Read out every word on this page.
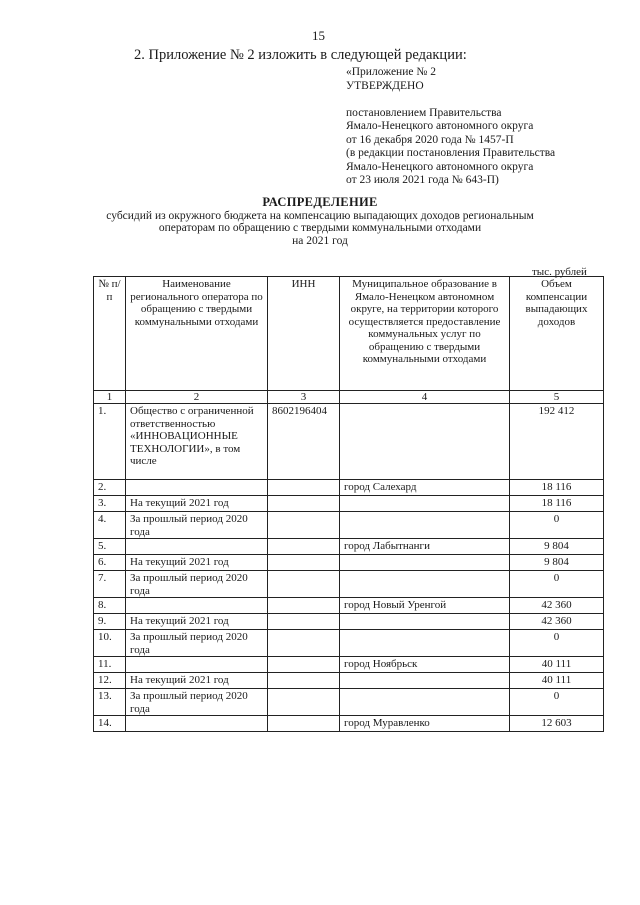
15
2. Приложение № 2 изложить в следующей редакции:
«Приложение № 2
УТВЕРЖДЕНО
постановлением Правительства
Ямало-Ненецкого автономного округа
от 16 декабря 2020 года № 1457-П
(в редакции постановления Правительства
Ямало-Ненецкого автономного округа
от 23 июля 2021 года № 643-П)
РАСПРЕДЕЛЕНИЕ
субсидий из окружного бюджета на компенсацию выпадающих доходов региональным
операторам по обращению с твердыми коммунальными отходами
на 2021 год
тыс. рублей
№ п/п	Наименование регионального оператора по обращению с твердыми коммунальными отходами	ИНН	Муниципальное образование в Ямало-Ненецком автономном округе, на территории которого осуществляется предоставление коммунальных услуг по обращению с твердыми коммунальными отходами	Объем компенсации выпадающих доходов
1	2	3	4	5
1.	Общество с ограниченной ответственностью «ИННОВАЦИОННЫЕ ТЕХНОЛОГИИ», в том числе	8602196404		192 412
2.			город Салехард	18 116
3.	На текущий 2021 год			18 116
4.	За прошлый период 2020 года			0
5.			город Лабытнанги	9 804
6.	На текущий 2021 год			9 804
7.	За прошлый период 2020 года			0
8.			город Новый Уренгой	42 360
9.	На текущий 2021 год			42 360
10.	За прошлый период 2020 года			0
11.			город Ноябрьск	40 111
12.	На текущий 2021 год			40 111
13.	За прошлый период 2020 года			0
14.			город Муравленко	12 603
